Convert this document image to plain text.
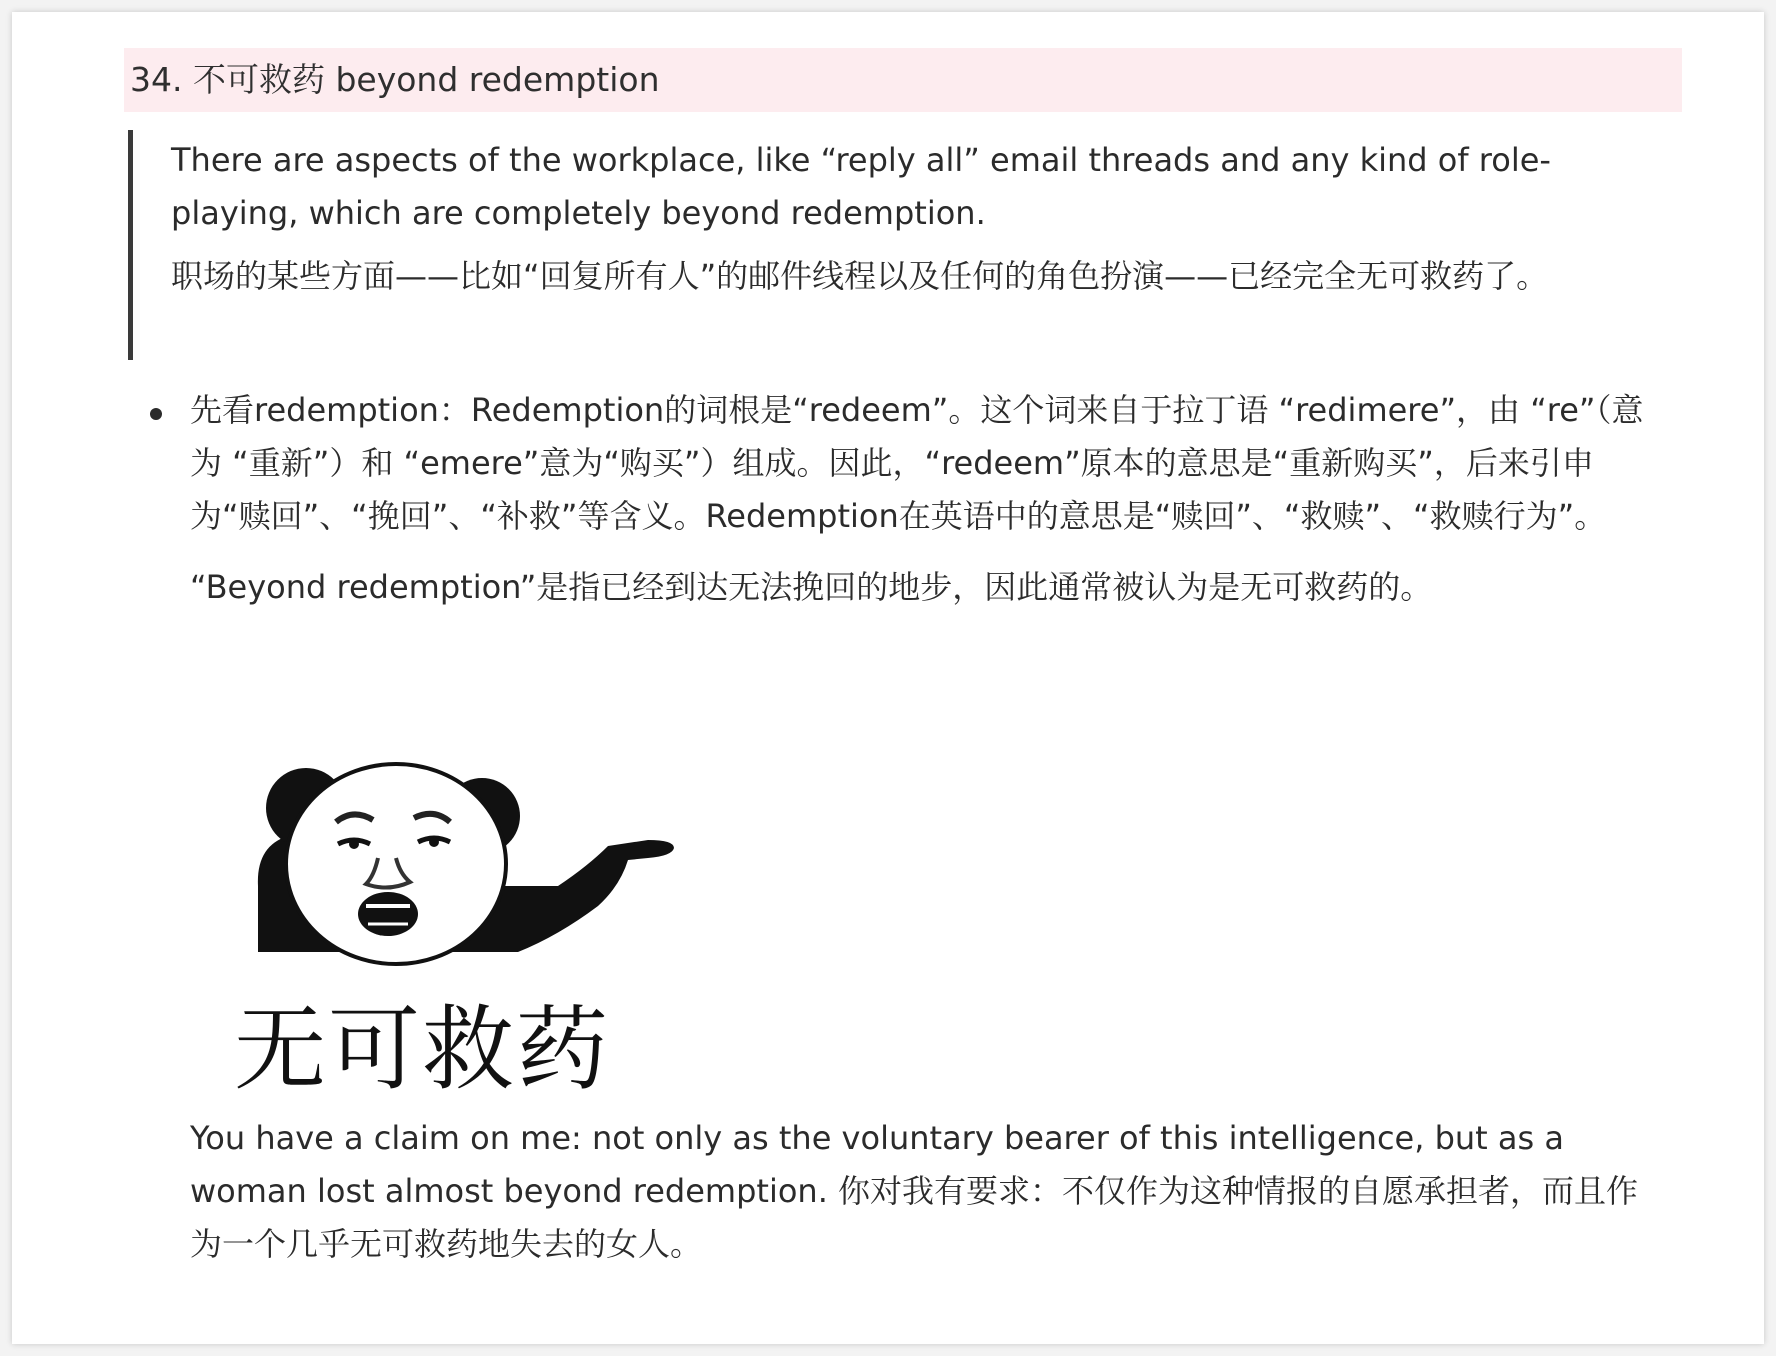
34. 不可救药 beyond redemption

There are aspects of the workplace, like “reply all” email threads and any kind of role-playing, which are completely beyond redemption.

职场的某些方面——比如“回复所有人”的邮件线程以及任何的角色扮演——已经完全无可救药了。

先看redemption：Redemption的词根是“redeem”。这个词来自于拉丁语 “redimere”，由 “re”（意为 “重新”）和 “emere”意为“购买”）组成。因此，“redeem”原本的意思是“重新购买”，后来引申为“赎回”、“挽回”、“补救”等含义。Redemption在英语中的意思是“赎回”、“救赎”、“救赎行为”。

“Beyond redemption”是指已经到达无法挽回的地步，因此通常被认为是无可救药的。

无可救药

You have a claim on me: not only as the voluntary bearer of this intelligence, but as a woman lost almost beyond redemption. 你对我有要求：不仅作为这种情报的自愿承担者，而且作为一个几乎无可救药地失去的女人。
